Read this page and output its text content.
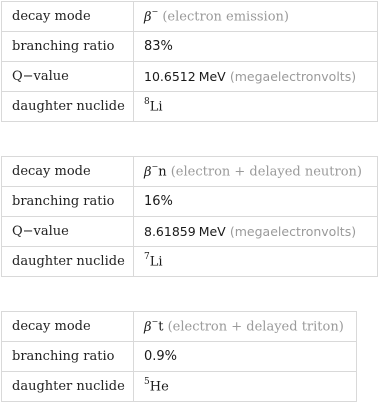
decay mode	β− (electron emission)
branching ratio	83%
Q−value	10.6512 MeV (megaelectronvolts)
daughter nuclide	$^8$Li
decay mode	β−n (electron + delayed neutron)
branching ratio	16%
Q−value	8.61859 MeV (megaelectronvolts)
daughter nuclide	$^7$Li
decay mode	β−t (electron + delayed triton)
branching ratio	0.9%
daughter nuclide	$^5$He
